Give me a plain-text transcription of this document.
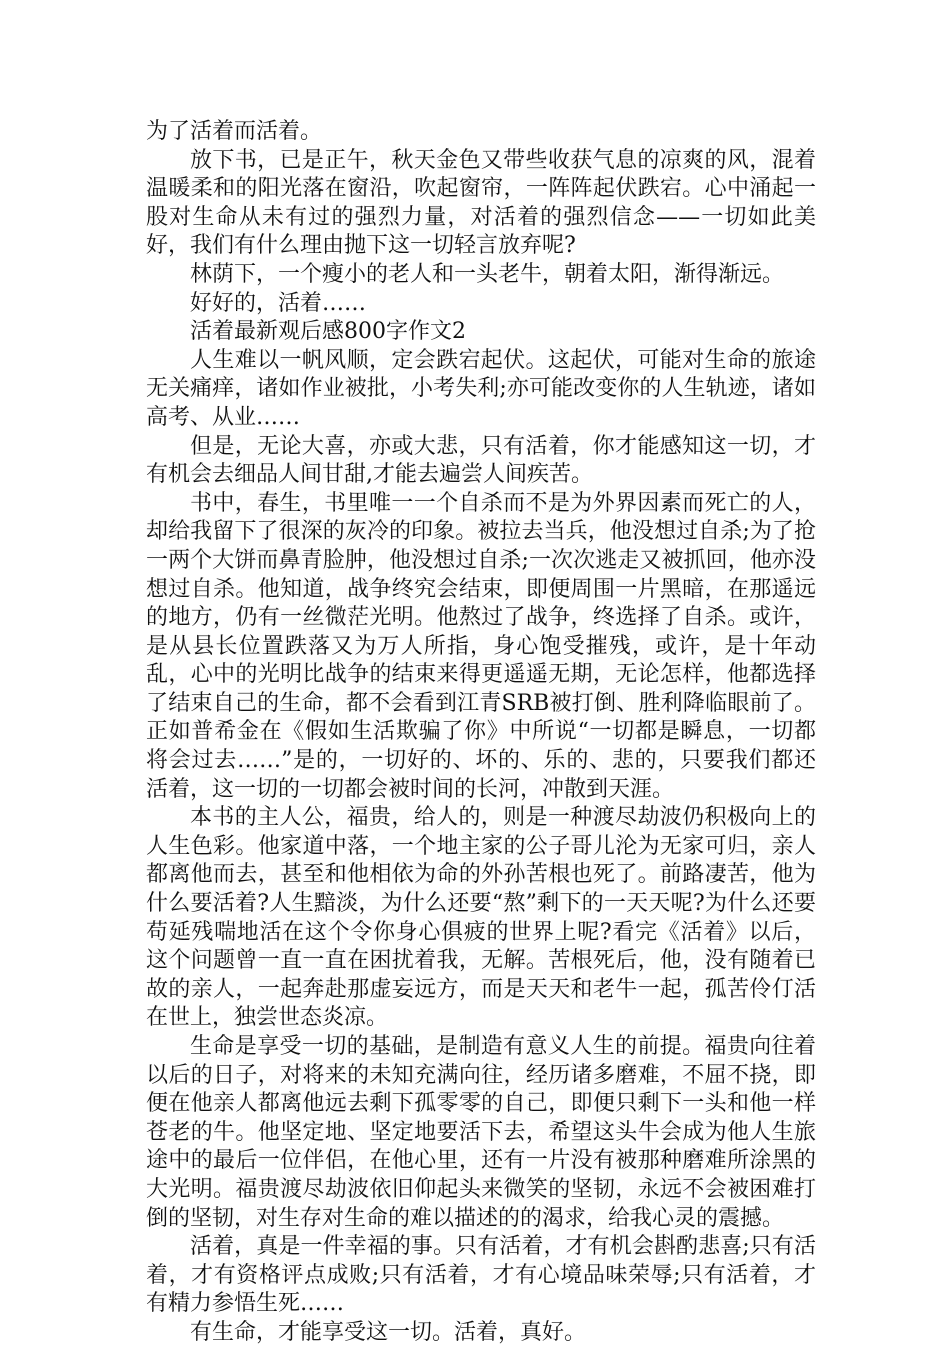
为了活着而活着。

放下书，已是正午，秋天金色又带些收获气息的凉爽的风，混着温暖柔和的阳光落在窗沿，吹起窗帘，一阵阵起伏跌宕。心中涌起一股对生命从未有过的强烈力量，对活着的强烈信念——一切如此美好，我们有什么理由抛下这一切轻言放弃呢?

林荫下，一个瘦小的老人和一头老牛，朝着太阳，渐得渐远。

好好的，活着……

活着最新观后感800字作文2

人生难以一帆风顺，定会跌宕起伏。这起伏，可能对生命的旅途无关痛痒，诸如作业被批，小考失利;亦可能改变你的人生轨迹，诸如高考、从业……

但是，无论大喜，亦或大悲，只有活着，你才能感知这一切，才有机会去细品人间甘甜,才能去遍尝人间疾苦。

书中，春生，书里唯一一个自杀而不是为外界因素而死亡的人，却给我留下了很深的灰冷的印象。被拉去当兵，他没想过自杀;为了抢一两个大饼而鼻青脸肿，他没想过自杀;一次次逃走又被抓回，他亦没想过自杀。他知道，战争终究会结束，即便周围一片黑暗，在那遥远的地方，仍有一丝微茫光明。他熬过了战争，终选择了自杀。或许，是从县长位置跌落又为万人所指，身心饱受摧残，或许，是十年动乱，心中的光明比战争的结束来得更遥遥无期，无论怎样，他都选择了结束自己的生命，都不会看到江青SRB被打倒、胜利降临眼前了。正如普希金在《假如生活欺骗了你》中所说“一切都是瞬息，一切都将会过去……”是的，一切好的、坏的、乐的、悲的，只要我们都还活着，这一切的一切都会被时间的长河，冲散到天涯。

本书的主人公，福贵，给人的，则是一种渡尽劫波仍积极向上的人生色彩。他家道中落，一个地主家的公子哥儿沦为无家可归，亲人都离他而去，甚至和他相依为命的外孙苦根也死了。前路凄苦，他为什么要活着?人生黯淡，为什么还要“熬”剩下的一天天呢?为什么还要苟延残喘地活在这个令你身心俱疲的世界上呢?看完《活着》以后，这个问题曾一直一直在困扰着我，无解。苦根死后，他，没有随着已故的亲人，一起奔赴那虚妄远方，而是天天和老牛一起，孤苦伶仃活在世上，独尝世态炎凉。

生命是享受一切的基础，是制造有意义人生的前提。福贵向往着以后的日子，对将来的未知充满向往，经历诸多磨难，不屈不挠，即便在他亲人都离他远去剩下孤零零的自己，即便只剩下一头和他一样苍老的牛。他坚定地、坚定地要活下去，希望这头牛会成为他人生旅途中的最后一位伴侣，在他心里，还有一片没有被那种磨难所涂黑的大光明。福贵渡尽劫波依旧仰起头来微笑的坚韧，永远不会被困难打倒的坚韧，对生存对生命的难以描述的的渴求，给我心灵的震撼。

活着，真是一件幸福的事。只有活着，才有机会斟酌悲喜;只有活着，才有资格评点成败;只有活着，才有心境品味荣辱;只有活着，才有精力参悟生死……

有生命，才能享受这一切。活着，真好。
